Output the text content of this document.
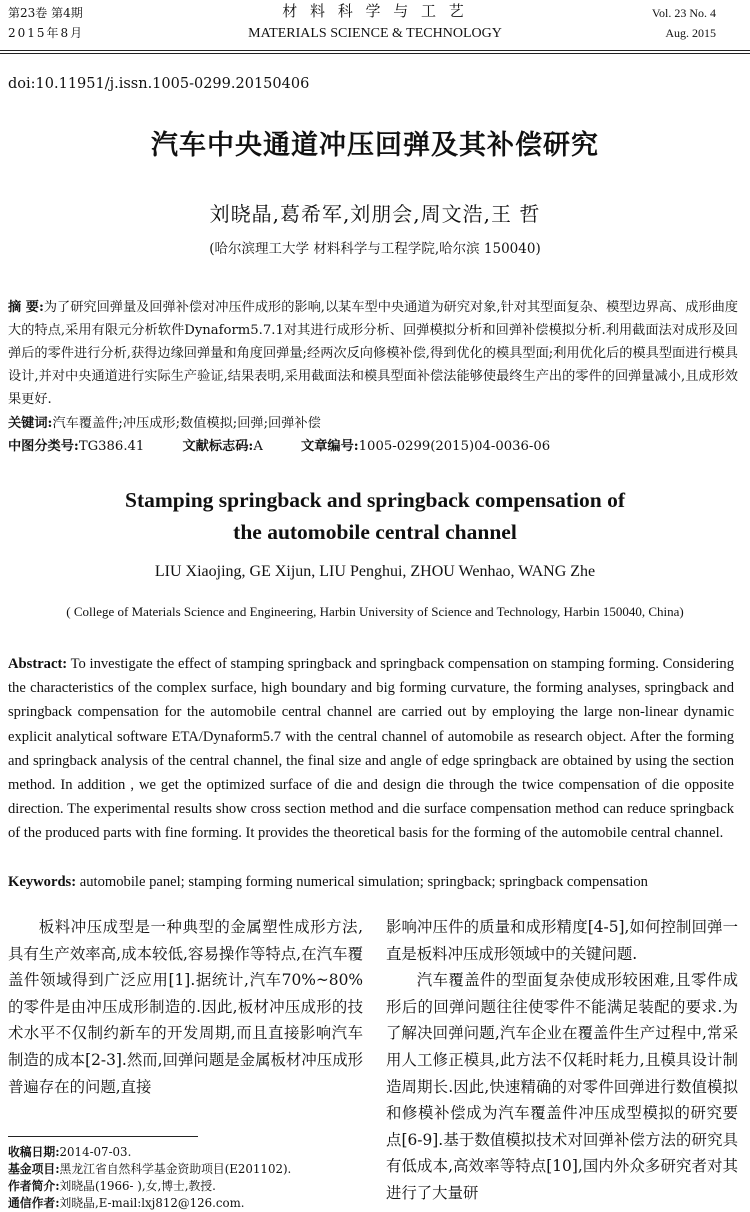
第23卷 第4期
2015年8月
材 料 科 学 与 工 艺
MATERIALS SCIENCE & TECHNOLOGY
Vol. 23 No. 4
Aug. 2015
doi:10.11951/j.issn.1005-0299.20150406
汽车中央通道冲压回弹及其补偿研究
刘晓晶,葛希军,刘朋会,周文浩,王 哲
(哈尔滨理工大学 材料科学与工程学院,哈尔滨 150040)
摘 要:为了研究回弹量及回弹补偿对冲压件成形的影响,以某车型中央通道为研究对象,针对其型面复杂、模型边界高、成形曲度大的特点,采用有限元分析软件Dynaform5.7.1对其进行成形分析、回弹模拟分析和回弹补偿模拟分析.利用截面法对成形及回弹后的零件进行分析,获得边缘回弹量和角度回弹量;经两次反向修模补偿,得到优化的模具型面;利用优化后的模具型面进行模具设计,并对中央通道进行实际生产验证,结果表明,采用截面法和模具型面补偿法能够使最终生产出的零件的回弹量减小,且成形效果更好.
关键词:汽车覆盖件;冲压成形;数值模拟;回弹;回弹补偿
中图分类号:TG386.41	文献标志码:A	文章编号:1005-0299(2015)04-0036-06
Stamping springback and springback compensation of
the automobile central channel
LIU Xiaojing, GE Xijun, LIU Penghui, ZHOU Wenhao, WANG Zhe
( College of Materials Science and Engineering, Harbin University of Science and Technology, Harbin 150040, China)
Abstract: To investigate the effect of stamping springback and springback compensation on stamping forming. Considering the characteristics of the complex surface, high boundary and big forming curvature, the forming analyses, springback and springback compensation for the automobile central channel are carried out by employing the large non-linear dynamic explicit analytical software ETA/Dynaform5.7 with the central channel of automobile as research object. After the forming and springback analysis of the central channel, the final size and angle of edge springback are obtained by using the section method. In addition , we get the optimized surface of die and design die through the twice compensation of die opposite direction. The experimental results show cross section method and die surface compensation method can reduce springback of the produced parts with fine forming. It provides the theoretical basis for the forming of the automobile central channel.
Keywords: automobile panel; stamping forming numerical simulation; springback; springback compensation

板料冲压成型是一种典型的金属塑性成形方法,具有生产效率高,成本较低,容易操作等特点,在汽车覆盖件领域得到广泛应用[1].据统计,汽车70%~80%的零件是由冲压成形制造的.因此,板材冲压成形的技术水平不仅制约新车的开发周期,而且直接影响汽车制造的成本[2-3].然而,回弹问题是金属板材冲压成形普遍存在的问题,直接

影响冲压件的质量和成形精度[4-5],如何控制回弹一直是板料冲压成形领域中的关键问题.

汽车覆盖件的型面复杂使成形较困难,且零件成形后的回弹问题往往使零件不能满足装配的要求.为了解决回弹问题,汽车企业在覆盖件生产过程中,常采用人工修正模具,此方法不仅耗时耗力,且模具设计制造周期长.因此,快速精确的对零件回弹进行数值模拟和修模补偿成为汽车覆盖件冲压成型模拟的研究要点[6-9].基于数值模拟技术对回弹补偿方法的研究具有低成本,高效率等特点[10],国内外众多研究者对其进行了大量研

收稿日期:2014-07-03.
基金项目:黑龙江省自然科学基金资助项目(E201102).
作者简介:刘晓晶(1966- ),女,博士,教授.
通信作者:刘晓晶,E-mail:lxj812@126.com.
